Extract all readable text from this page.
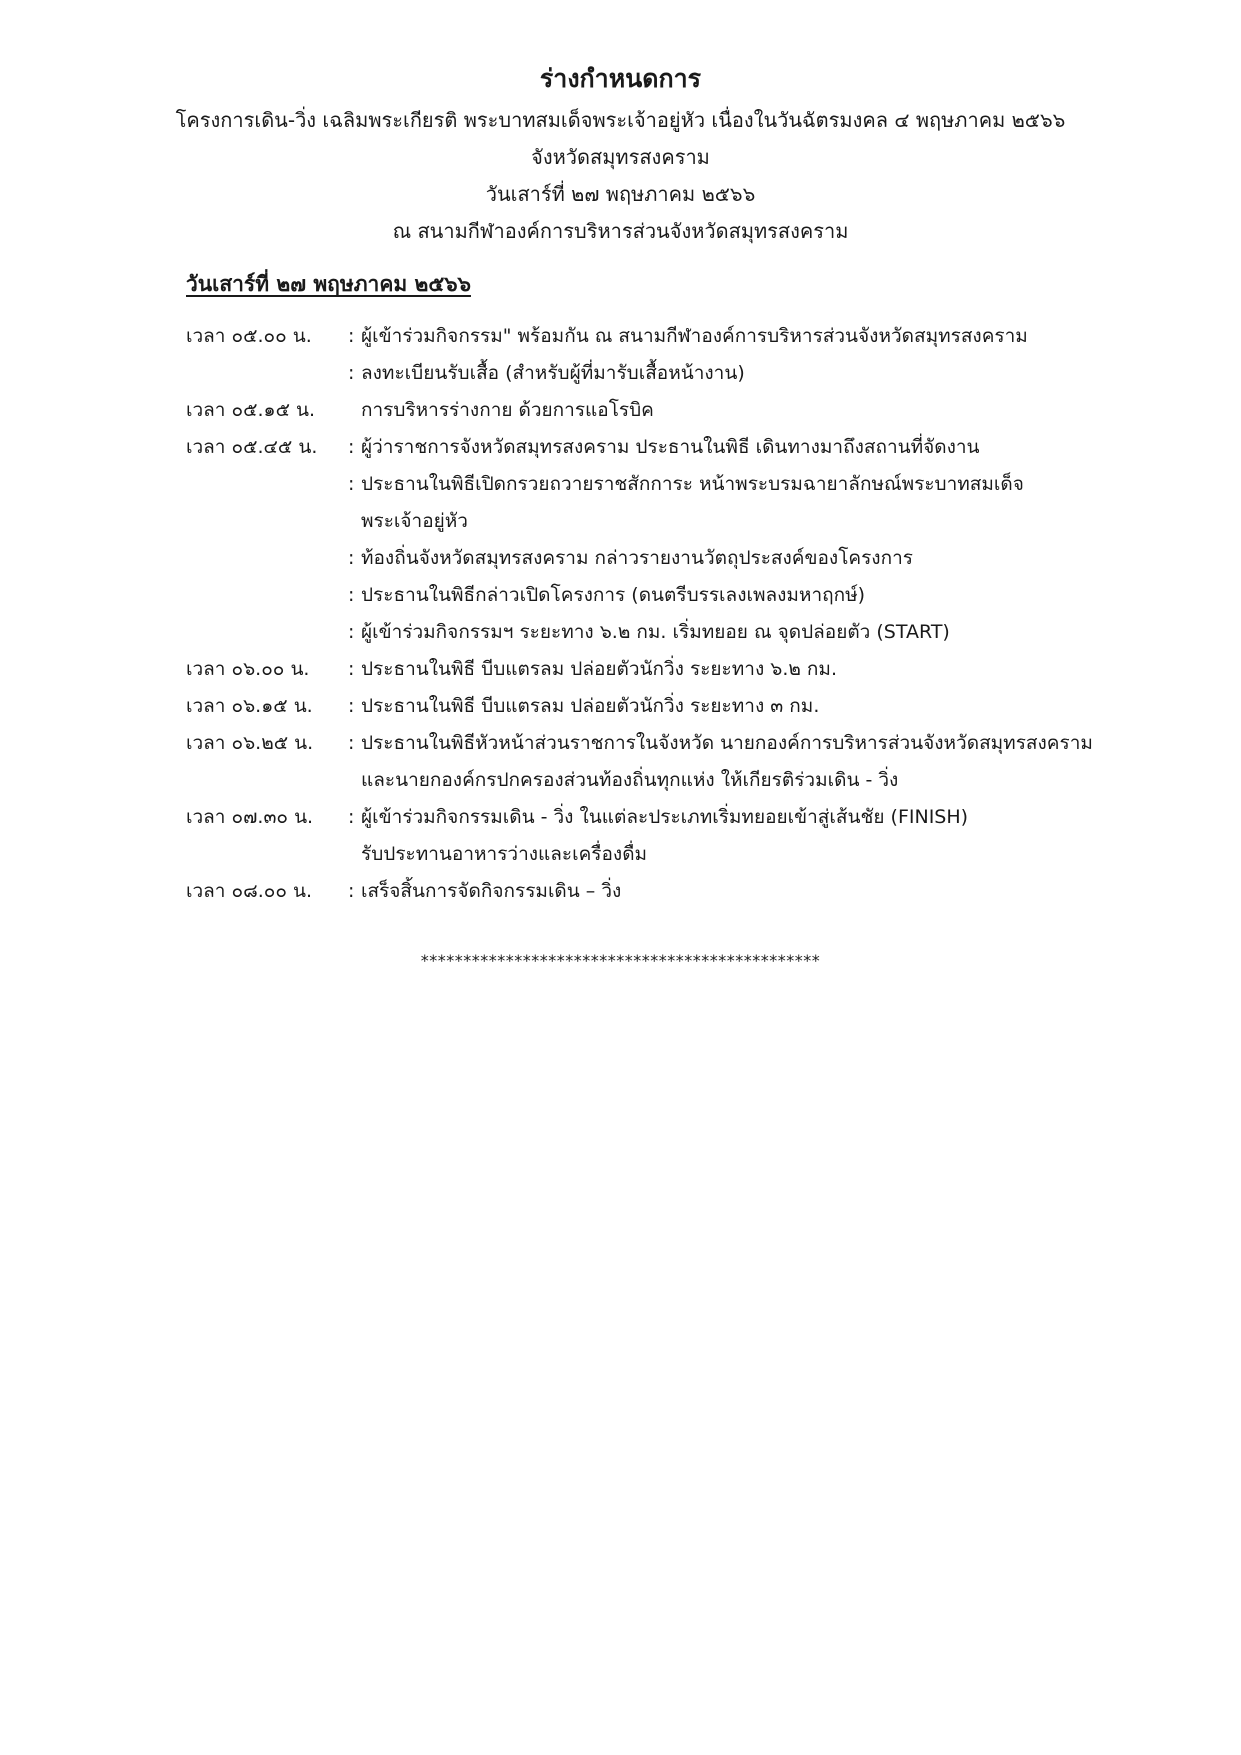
ร่างกำหนดการ

โครงการเดิน-วิ่ง เฉลิมพระเกียรติ พระบาทสมเด็จพระเจ้าอยู่หัว เนื่องในวันฉัตรมงคล ๔ พฤษภาคม ๒๕๖๖

จังหวัดสมุทรสงคราม

วันเสาร์ที่ ๒๗ พฤษภาคม ๒๕๖๖

ณ สนามกีฬาองค์การบริหารส่วนจังหวัดสมุทรสงคราม

วันเสาร์ที่ ๒๗ พฤษภาคม ๒๕๖๖
เวลา ๐๕.๐๐ น.	: ผู้เข้าร่วมกิจกรรม" พร้อมกัน ณ สนามกีฬาองค์การบริหารส่วนจังหวัดสมุทรสงคราม
: ลงทะเบียนรับเสื้อ (สำหรับผู้ที่มารับเสื้อหน้างาน)
เวลา ๐๕.๑๕ น.	การบริหารร่างกาย ด้วยการแอโรบิค
เวลา ๐๕.๔๕ น.	: ผู้ว่าราชการจังหวัดสมุทรสงคราม ประธานในพิธี เดินทางมาถึงสถานที่จัดงาน
: ประธานในพิธีเปิดกรวยถวายราชสักการะ หน้าพระบรมฉายาลักษณ์พระบาทสมเด็จ
พระเจ้าอยู่หัว
: ท้องถิ่นจังหวัดสมุทรสงคราม กล่าวรายงานวัตถุประสงค์ของโครงการ
: ประธานในพิธีกล่าวเปิดโครงการ (ดนตรีบรรเลงเพลงมหาฤกษ์)
: ผู้เข้าร่วมกิจกรรมฯ ระยะทาง ๖.๒ กม. เริ่มทยอย ณ จุดปล่อยตัว (START)
เวลา ๐๖.๐๐ น.	: ประธานในพิธี บีบแตรลม ปล่อยตัวนักวิ่ง ระยะทาง ๖.๒ กม.
เวลา ๐๖.๑๕ น.	: ประธานในพิธี บีบแตรลม ปล่อยตัวนักวิ่ง ระยะทาง ๓ กม.
เวลา ๐๖.๒๕ น.	: ประธานในพิธีหัวหน้าส่วนราชการในจังหวัด นายกองค์การบริหารส่วนจังหวัดสมุทรสงคราม
และนายกองค์กรปกครองส่วนท้องถิ่นทุกแห่ง ให้เกียรติร่วมเดิน - วิ่ง
เวลา ๐๗.๓๐ น.	: ผู้เข้าร่วมกิจกรรมเดิน - วิ่ง ในแต่ละประเภทเริ่มทยอยเข้าสู่เส้นชัย (FINISH)
รับประทานอาหารว่างและเครื่องดื่ม
เวลา ๐๘.๐๐ น.	: เสร็จสิ้นการจัดกิจกรรมเดิน – วิ่ง
***********************************************
